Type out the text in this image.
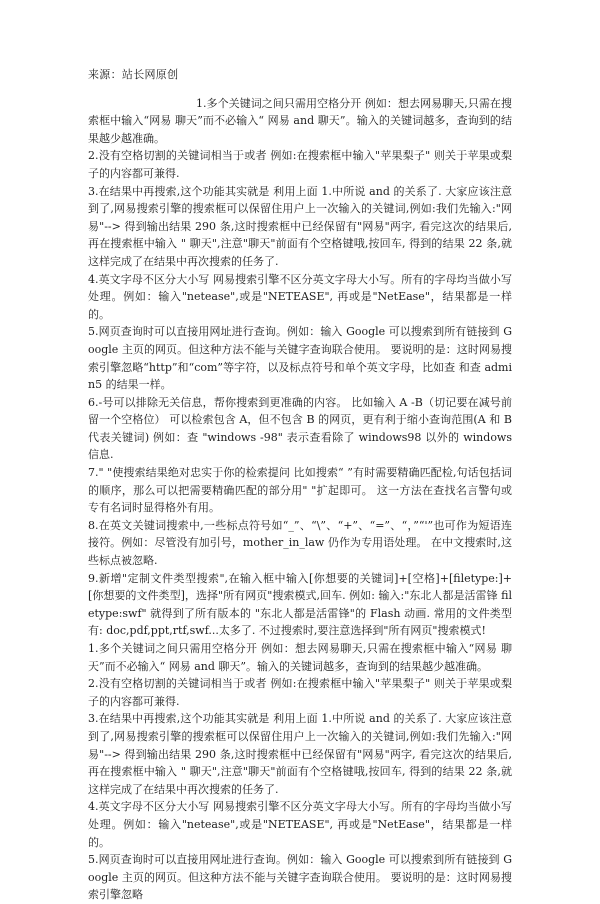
来源：站长网原创

1.多个关键词之间只需用空格分开 例如：想去网易聊天,只需在搜索框中输入“网易 聊天”而不必输入“ 网易 and 聊天”。输入的关键词越多，查询到的结果越少越准确。

2.没有空格切割的关键词相当于或者 例如:在搜索框中输入"苹果梨子" 则关于苹果或梨子的内容都可兼得.

3.在结果中再搜索,这个功能其实就是 利用上面 1.中所说 and 的关系了. 大家应该注意到了,网易搜索引擎的搜索框可以保留住用户上一次输入的关键词,例如:我们先输入:"网易"--> 得到输出结果 290 条,这时搜索框中已经保留有"网易"两字, 看完这次的结果后,再在搜索框中输入 " 聊天",注意"聊天"前面有个空格键哦,按回车, 得到的结果 22 条,就这样完成了在结果中再次搜索的任务了.

4.英文字母不区分大小写 网易搜索引擎不区分英文字母大小写。所有的字母均当做小写处理。例如：输入"netease",或是"NETEASE", 再或是"NetEase"，结果都是一样的。

5.网页查询时可以直接用网址进行查询。例如：输入 Google 可以搜索到所有链接到 Google 主页的网页。但这种方法不能与关键字查询联合使用。 要说明的是：这时网易搜索引擎忽略“http”和“com”等字符，以及标点符号和单个英文字母，比如查 和查 admin5 的结果一样。

6.-号可以排除无关信息，帮你搜索到更准确的内容。 比如输入 A -B（切记要在减号前留一个空格位） 可以检索包含 A，但不包含 B 的网页，更有利于缩小查询范围(A 和 B 代表关键词) 例如：查 "windows -98" 表示查看除了 windows98 以外的 windows 信息.

7." "使搜索结果绝对忠实于你的检索提问 比如搜索“ ”有时需要精确匹配检,句话包括词的顺序，那么可以把需要精确匹配的部分用" "扩起即可。 这一方法在查找名言警句或专有名词时显得格外有用。

8.在英文关键词搜索中,一些标点符号如“_”、“\”、“+”、“=”、“，”“'”也可作为短语连接符。例如：尽管没有加引号，mother_in_law 仍作为专用语处理。 在中文搜索时,这些标点被忽略.

9.新增"定制文件类型搜索",在输入框中输入[你想要的关键词]+[空格]+[filetype:]+[你想要的文件类型]，选择"所有网页"搜索模式,回车. 例如: 输入:"东北人都是活雷锋 filetype:swf" 就得到了所有版本的 "东北人都是活雷锋"的 Flash 动画. 常用的文件类型有: doc,pdf,ppt,rtf,swf...太多了. 不过搜索时,要注意选择到"所有网页"搜索模式!

1.多个关键词之间只需用空格分开 例如：想去网易聊天,只需在搜索框中输入“网易 聊天”而不必输入“ 网易 and 聊天”。输入的关键词越多，查询到的结果越少越准确。

2.没有空格切割的关键词相当于或者 例如:在搜索框中输入"苹果梨子" 则关于苹果或梨子的内容都可兼得.

3.在结果中再搜索,这个功能其实就是 利用上面 1.中所说 and 的关系了. 大家应该注意到了,网易搜索引擎的搜索框可以保留住用户上一次输入的关键词,例如:我们先输入:"网易"--> 得到输出结果 290 条,这时搜索框中已经保留有"网易"两字, 看完这次的结果后,再在搜索框中输入 " 聊天",注意"聊天"前面有个空格键哦,按回车, 得到的结果 22 条,就这样完成了在结果中再次搜索的任务了.

4.英文字母不区分大小写 网易搜索引擎不区分英文字母大小写。所有的字母均当做小写处理。例如：输入"netease",或是"NETEASE", 再或是"NetEase"，结果都是一样的。

5.网页查询时可以直接用网址进行查询。例如：输入 Google 可以搜索到所有链接到 Google 主页的网页。但这种方法不能与关键字查询联合使用。 要说明的是：这时网易搜索引擎忽略
